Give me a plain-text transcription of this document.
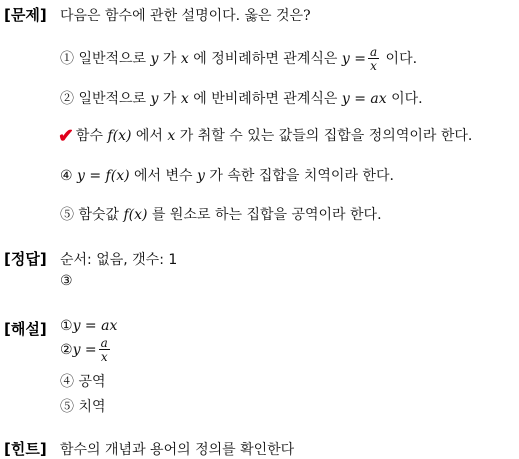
[문제] 다음은 함수에 관한 설명이다. 옳은 것은?
① 일반적으로 y 가 x 에 정비례하면 관계식은 $y = \frac{a}{x}$ 이다.
② 일반적으로 y 가 x 에 반비례하면 관계식은 y = ax 이다.
✔ 함수 f(x) 에서 x 가 취할 수 있는 값들의 집합을 정의역이라 한다.
④ y = f(x) 에서 변수 y 가 속한 집합을 치역이라 한다.
⑤ 함숫값 f(x) 를 원소로 하는 집합을 공역이라 한다.
[정답] 순서: 없음, 갯수: 1
③
[해설] ①y = ax
②y = $\frac{a}{x}$
④ 공역
⑤ 치역
[힌트] 함수의 개념과 용어의 정의를 확인한다
